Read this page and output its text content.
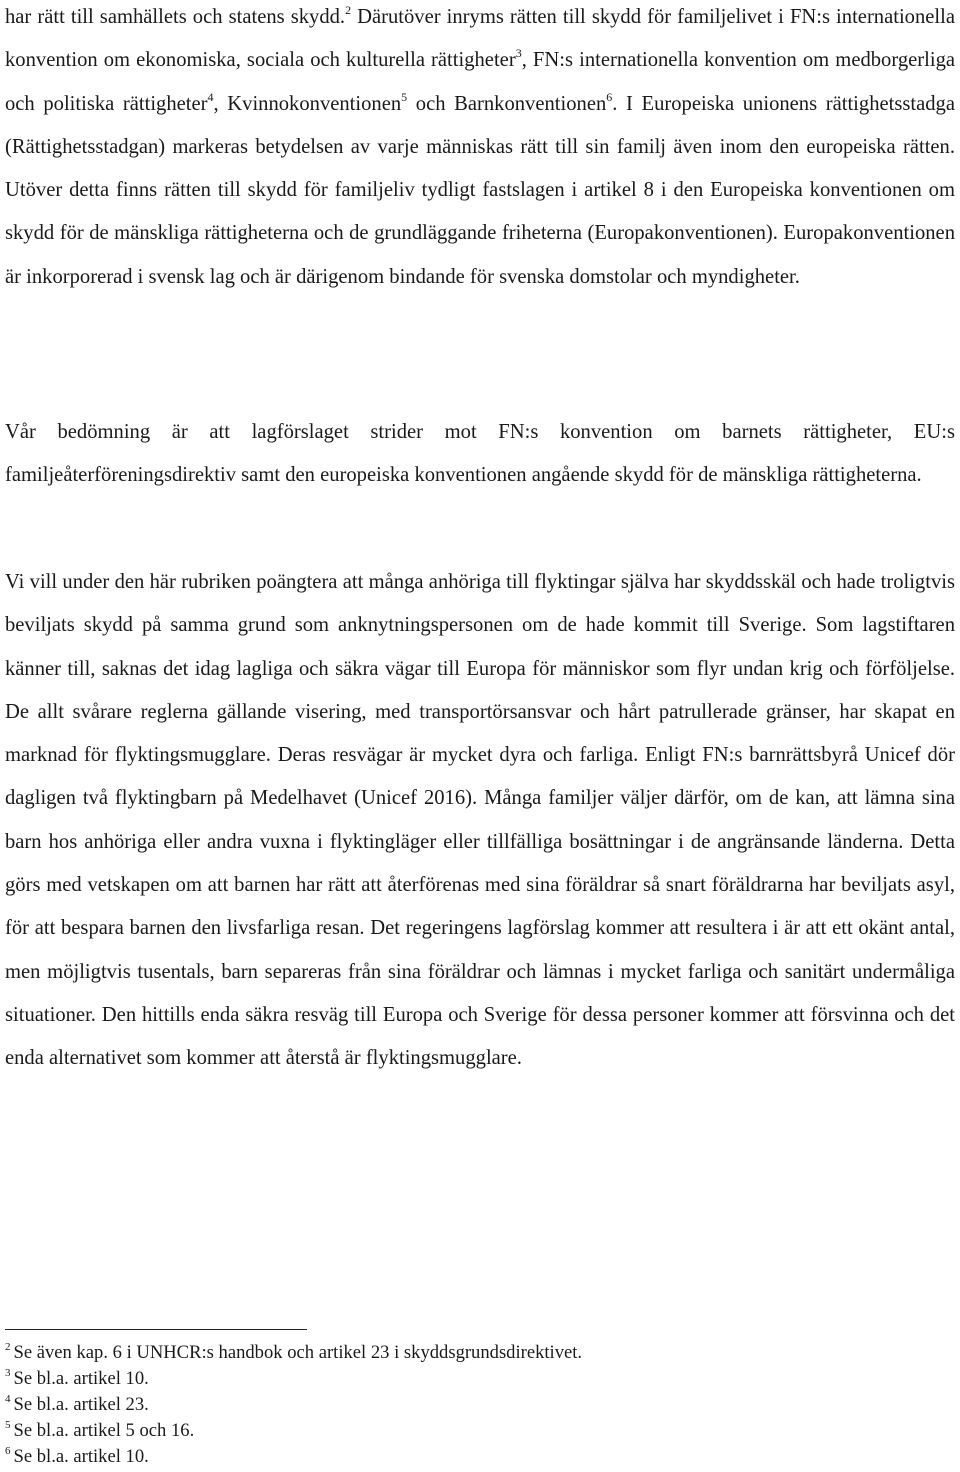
har rätt till samhällets och statens skydd.$^2$ Därutöver inryms rätten till skydd för familjelivet i FN:s internationella konvention om ekonomiska, sociala och kulturella rättigheter$^3$, FN:s internationella konvention om medborgerliga och politiska rättigheter$^4$, Kvinnokonventionen$^5$ och Barnkonventionen$^6$. I Europeiska unionens rättighetsstadga (Rättighetsstadgan) markeras betydelsen av varje människas rätt till sin familj även inom den europeiska rätten. Utöver detta finns rätten till skydd för familjeliv tydligt fastslagen i artikel 8 i den Europeiska konventionen om skydd för de mänskliga rättigheterna och de grundläggande friheterna (Europakonventionen). Europakonventionen är inkorporerad i svensk lag och är därigenom bindande för svenska domstolar och myndigheter.

Vår bedömning är att lagförslaget strider mot FN:s konvention om barnets rättigheter, EU:s familjeåterföreningsdirektiv samt den europeiska konventionen angående skydd för de mänskliga rättigheterna.

Vi vill under den här rubriken poängtera att många anhöriga till flyktingar själva har skyddsskäl och hade troligtvis beviljats skydd på samma grund som anknytningspersonen om de hade kommit till Sverige. Som lagstiftaren känner till, saknas det idag lagliga och säkra vägar till Europa för människor som flyr undan krig och förföljelse. De allt svårare reglerna gällande visering, med transportörsansvar och hårt patrullerade gränser, har skapat en marknad för flyktingsmugglare. Deras resvägar är mycket dyra och farliga. Enligt FN:s barnrättsbyrå Unicef dör dagligen två flyktingbarn på Medelhavet (Unicef 2016). Många familjer väljer därför, om de kan, att lämna sina barn hos anhöriga eller andra vuxna i flyktingläger eller tillfälliga bosättningar i de angränsande länderna. Detta görs med vetskapen om att barnen har rätt att återförenas med sina föräldrar så snart föräldrarna har beviljats asyl, för att bespara barnen den livsfarliga resan. Det regeringens lagförslag kommer att resultera i är att ett okänt antal, men möjligtvis tusentals, barn separeras från sina föräldrar och lämnas i mycket farliga och sanitärt undermåliga situationer. Den hittills enda säkra resväg till Europa och Sverige för dessa personer kommer att försvinna och det enda alternativet som kommer att återstå är flyktingsmugglare.

$^2$ Se även kap. 6 i UNHCR:s handbok och artikel 23 i skyddsgrundsdirektivet.

$^3$ Se bl.a. artikel 10.

$^4$ Se bl.a. artikel 23.

$^5$ Se bl.a. artikel 5 och 16.

$^6$ Se bl.a. artikel 10.
